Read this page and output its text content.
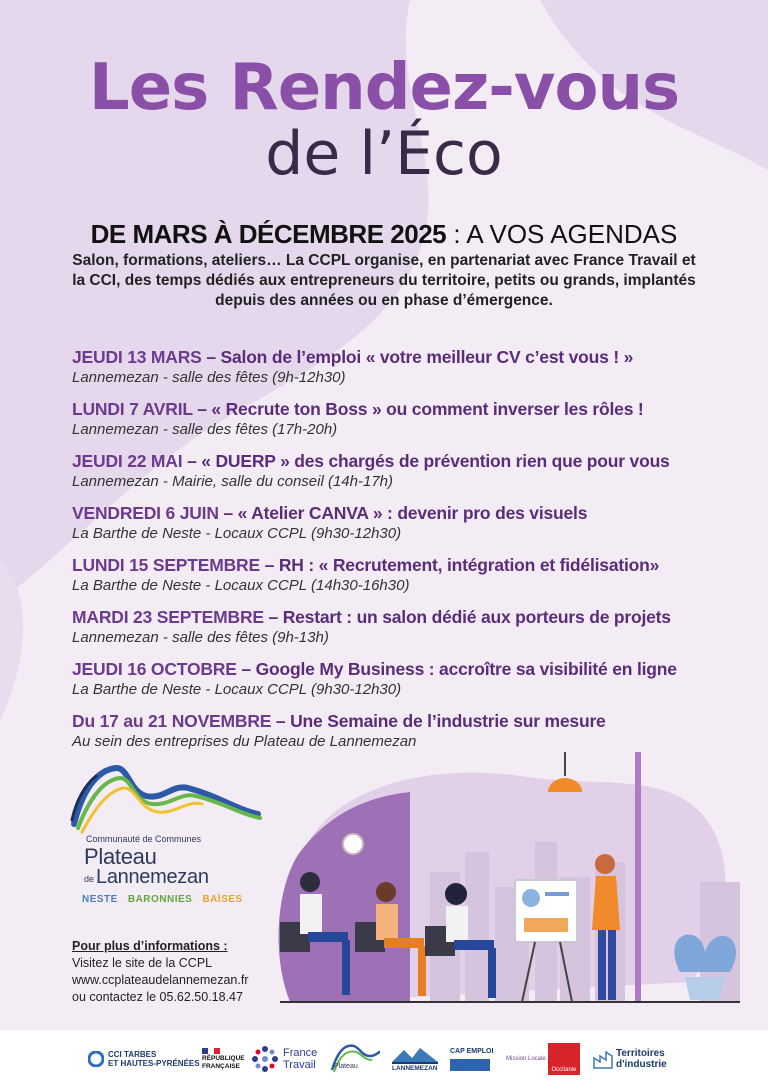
Les Rendez-vous
de l’Éco
DE MARS À DÉCEMBRE 2025 : A VOS AGENDAS
Salon, formations, ateliers… La CCPL organise, en partenariat avec France Travail et la CCI, des temps dédiés aux entrepreneurs du territoire, petits ou grands, implantés depuis des années ou en phase d’émergence.
JEUDI 13 MARS – Salon de l’emploi « votre meilleur CV c’est vous ! »
Lannemezan - salle des fêtes (9h-12h30)
LUNDI 7 AVRIL – « Recrute ton Boss » ou comment inverser les rôles !
Lannemezan - salle des fêtes (17h-20h)
JEUDI 22 MAI – « DUERP » des chargés de prévention rien que pour vous
Lannemezan - Mairie, salle du conseil (14h-17h)
VENDREDI 6 JUIN – « Atelier CANVA » : devenir pro des visuels
La Barthe de Neste - Locaux CCPL (9h30-12h30)
LUNDI 15 SEPTEMBRE – RH : « Recrutement, intégration et fidélisation»
La Barthe de Neste - Locaux CCPL (14h30-16h30)
MARDI 23 SEPTEMBRE – Restart : un salon dédié aux porteurs de projets
Lannemezan - salle des fêtes (9h-13h)
JEUDI 16 OCTOBRE – Google My Business : accroître sa visibilité en ligne
La Barthe de Neste - Locaux CCPL (9h30-12h30)
Du 17 au 21 NOVEMBRE – Une Semaine de l’industrie sur mesure
Au sein des entreprises du Plateau de Lannemezan
Communauté de Communes
Plateau
de Lannemezan
NESTE BARONNIES BAÏSES
Pour plus d’informations :
Visitez le site de la CCPL
www.ccplateaudelannemezan.fr
ou contactez le 05.62.50.18.47
CCI TARBES
ET HAUTES-PYRÉNÉES
RÉPUBLIQUE
FRANÇAISE
France
Travail	Plateau	LANNEMEZAN
CAP EMPLOI
Mission Locale
Occitanie
Territoires
d'industrie
